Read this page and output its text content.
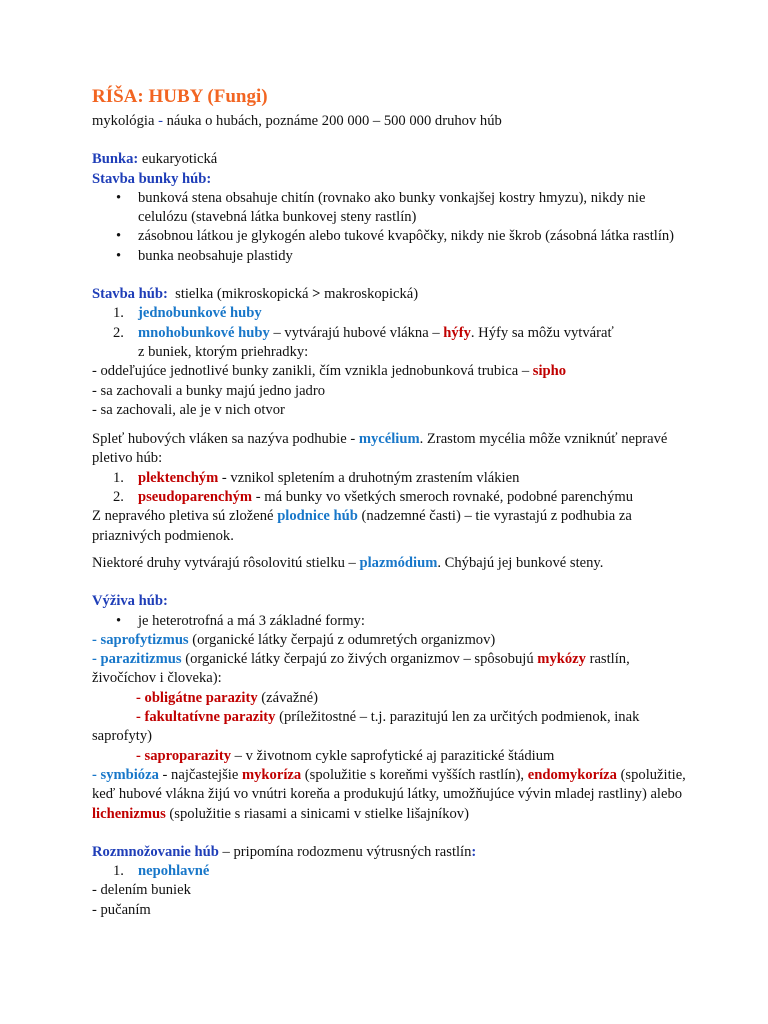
RÍŠA: HUBY (Fungi)

mykológia - náuka o hubách, poznáme 200 000 – 500 000 druhov húb

Bunka: eukaryotická

Stavba bunky húb:

• bunková stena obsahuje chitín (rovnako ako bunky vonkajšej kostry hmyzu), nikdy nie celulózu (stavebná látka bunkovej steny rastlín)
• zásobnou látkou je glykogén alebo tukové kvapôčky, nikdy nie škrob (zásobná látka rastlín)
• bunka neobsahuje plastidy

Stavba húb:  stielka (mikroskopická > makroskopická)

1. jednobunkové huby
2. mnohobunkové huby – vytvárajú hubové vlákna – hýfy. Hýfy sa môžu vytvárať
z buniek, ktorým priehradky:

- oddeľujúce jednotlivé bunky zanikli, čím vznikla jednobunková trubica – sipho

- sa zachovali a bunky majú jedno jadro

- sa zachovali, ale je v nich otvor

Spleť hubových vláken sa nazýva podhubie - mycélium. Zrastom mycélia môže vzniknúť nepravé pletivo húb:

1. plektenchým - vznikol spletením a druhotným zrastením vlákien
2. pseudoparenchým - má bunky vo všetkých smeroch rovnaké, podobné parenchýmu

Z nepravého pletiva sú zložené plodnice húb (nadzemné časti) – tie vyrastajú z podhubia za priaznivých podmienok.

Niektoré druhy vytvárajú rôsolovitú stielku – plazmódium. Chýbajú jej bunkové steny.

Výživa húb:

• je heterotrofná a má 3 základné formy:

- saprofytizmus (organické látky čerpajú z odumretých organizmov)

- parazitizmus (organické látky čerpajú zo živých organizmov – spôsobujú mykózy rastlín, živočíchov i človeka):

- obligátne parazity (závažné)

- fakultatívne parazity (príležitostné – t.j. parazitujú len za určitých podmienok, inak

saprofyty)

- saproparazity – v životnom cykle saprofytické aj parazitické štádium

- symbióza - najčastejšie mykoríza (spolužitie s koreňmi vyšších rastlín), endomykoríza (spolužitie, keď hubové vlákna žijú vo vnútri koreňa a produkujú látky, umožňujúce vývin mladej rastliny) alebo lichenizmus (spolužitie s riasami a sinicami v stielke lišajníkov)

Rozmnožovanie húb – pripomína rodozmenu výtrusných rastlín:

1. nepohlavné

- delením buniek

- pučaním
